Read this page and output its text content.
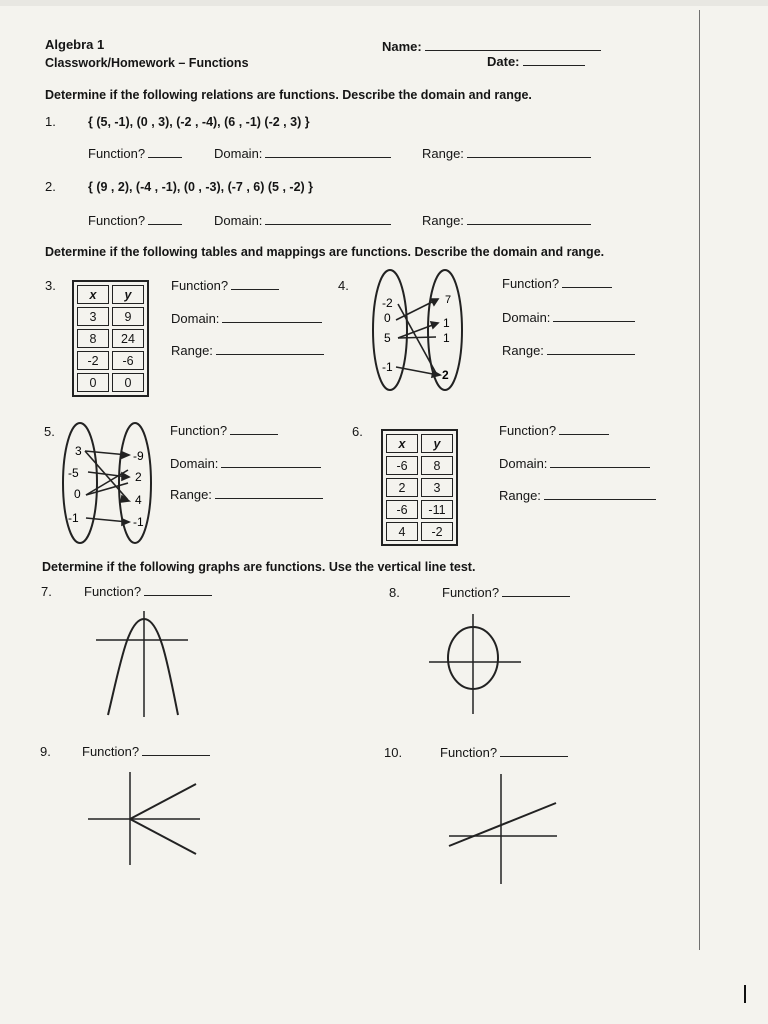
Algebra 1
Classwork/Homework – Functions
Name:
Date:
Determine if the following relations are functions. Describe the domain and range.
1.	{ (5, -1), (0 , 3), (-2 , -4), (6 , -1) (-2 , 3) }
Function?	Domain:	Range:
2.	{ (9 , 2), (-4 , -1), (0 , -3), (-7 , 6) (5 , -2) }
Function?	Domain:	Range:
Determine if the following tables and mappings are functions. Describe the domain and range.
3.
x	y
3	9
8	24
-2	-6
0	0
Function?
Domain:
Range:
4.
-2
0
5
-1
7
1
1
2
Function?
Domain:
Range:
5.
3
-5
0
-1
-9
2
4
-1
Function?
Domain:
Range:
6.
x	y
-6	8
2	3
-6	-11
4	-2
Function?
Domain:
Range:
Determine if the following graphs are functions. Use the vertical line test.
7. Function?	8.	Function?
9. Function?	10.	Function?
